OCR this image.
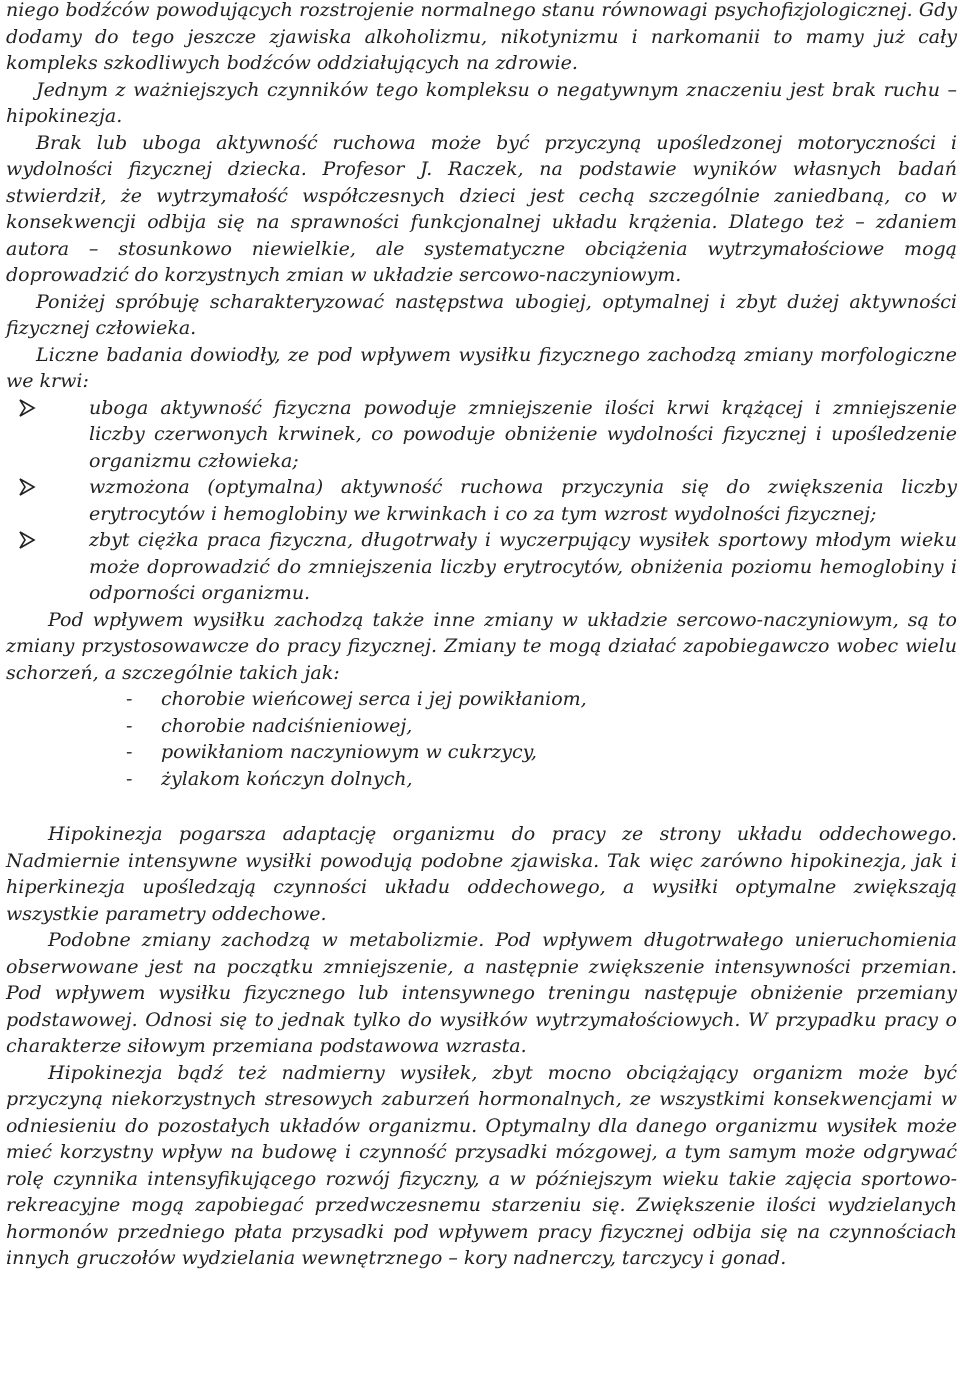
niego bodźców powodujących rozstrojenie normalnego stanu równowagi psychofizjologicznej. Gdy dodamy do tego jeszcze zjawiska alkoholizmu, nikotynizmu i narkomanii to mamy już cały kompleks szkodliwych bodźców oddziałujących na zdrowie.

Jednym z ważniejszych czynników tego kompleksu o negatywnym znaczeniu jest brak ruchu – hipokinezja.

Brak lub uboga aktywność ruchowa może być przyczyną upośledzonej motoryczności i wydolności fizycznej dziecka. Profesor J. Raczek, na podstawie wyników własnych badań stwierdził, że wytrzymałość współczesnych dzieci jest cechą szczególnie zaniedbaną, co w konsekwencji odbija się na sprawności funkcjonalnej układu krążenia. Dlatego też – zdaniem autora – stosunkowo niewielkie, ale systematyczne obciążenia wytrzymałościowe mogą doprowadzić do korzystnych zmian w układzie sercowo-naczyniowym.

Poniżej spróbuję scharakteryzować następstwa ubogiej, optymalnej i zbyt dużej aktywności fizycznej człowieka.

Liczne badania dowiodły, ze pod wpływem wysiłku fizycznego zachodzą zmiany morfologiczne we krwi:

uboga aktywność fizyczna powoduje zmniejszenie ilości krwi krążącej i zmniejszenie liczby czerwonych krwinek, co powoduje obniżenie wydolności fizycznej i upośledzenie organizmu człowieka;
wzmożona (optymalna) aktywność ruchowa przyczynia się do zwiększenia liczby erytrocytów i hemoglobiny we krwinkach i co za tym wzrost wydolności fizycznej;
zbyt ciężka praca fizyczna, długotrwały i wyczerpujący wysiłek sportowy młodym wieku może doprowadzić do zmniejszenia liczby erytrocytów, obniżenia poziomu hemoglobiny i odporności organizmu.

Pod wpływem wysiłku zachodzą także inne zmiany w układzie sercowo-naczyniowym, są to zmiany przystosowawcze do pracy fizycznej. Zmiany te mogą działać zapobiegawczo wobec wielu schorzeń, a szczególnie takich jak:

- chorobie wieńcowej serca i jej powikłaniom,
- chorobie nadciśnieniowej,
- powikłaniom naczyniowym w cukrzycy,
- żylakom kończyn dolnych,

Hipokinezja pogarsza adaptację organizmu do pracy ze strony układu oddechowego. Nadmiernie intensywne wysiłki powodują podobne zjawiska. Tak więc zarówno hipokinezja, jak i hiperkinezja upośledzają czynności układu oddechowego, a wysiłki optymalne zwiększają wszystkie parametry oddechowe.

Podobne zmiany zachodzą w metabolizmie. Pod wpływem długotrwałego unieruchomienia obserwowane jest na początku zmniejszenie, a następnie zwiększenie intensywności przemian. Pod wpływem wysiłku fizycznego lub intensywnego treningu następuje obniżenie przemiany podstawowej. Odnosi się to jednak tylko do wysiłków wytrzymałościowych. W przypadku pracy o charakterze siłowym przemiana podstawowa wzrasta.

Hipokinezja bądź też nadmierny wysiłek, zbyt mocno obciążający organizm może być przyczyną niekorzystnych stresowych zaburzeń hormonalnych, ze wszystkimi konsekwencjami w odniesieniu do pozostałych układów organizmu. Optymalny dla danego organizmu wysiłek może mieć korzystny wpływ na budowę i czynność przysadki mózgowej, a tym samym może odgrywać rolę czynnika intensyfikującego rozwój fizyczny, a w późniejszym wieku takie zajęcia sportowo-rekreacyjne mogą zapobiegać przedwczesnemu starzeniu się. Zwiększenie ilości wydzielanych hormonów przedniego płata przysadki pod wpływem pracy fizycznej odbija się na czynnościach innych gruczołów wydzielania wewnętrznego – kory nadnerczy, tarczycy i gonad.
